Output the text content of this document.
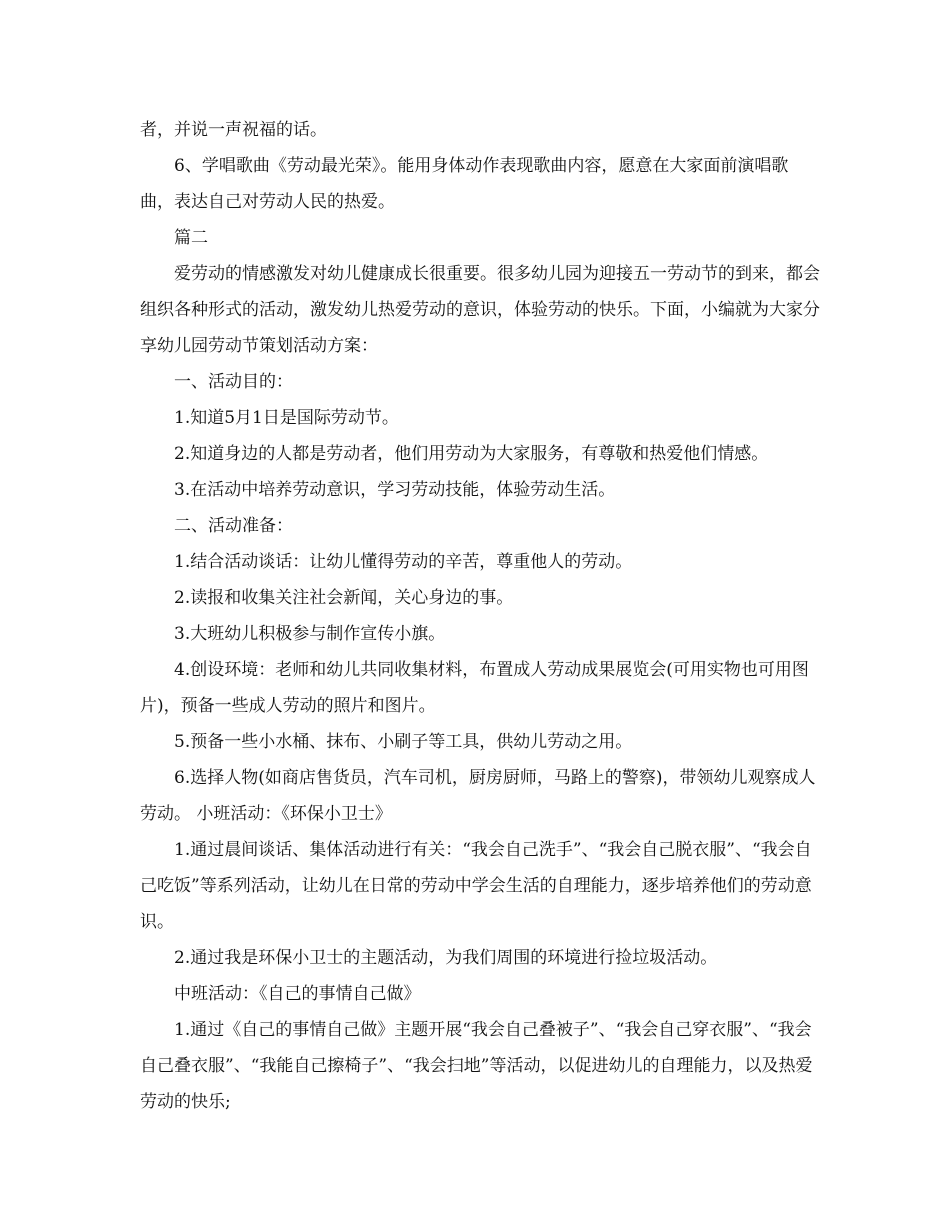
者，并说一声祝福的话。

6、学唱歌曲《劳动最光荣》。能用身体动作表现歌曲内容，愿意在大家面前演唱歌曲，表达自己对劳动人民的热爱。

篇二

爱劳动的情感激发对幼儿健康成长很重要。很多幼儿园为迎接五一劳动节的到来，都会组织各种形式的活动，激发幼儿热爱劳动的意识，体验劳动的快乐。下面，小编就为大家分享幼儿园劳动节策划活动方案：

一、活动目的：

1.知道5月1日是国际劳动节。

2.知道身边的人都是劳动者，他们用劳动为大家服务，有尊敬和热爱他们情感。

3.在活动中培养劳动意识，学习劳动技能，体验劳动生活。

二、活动准备：

1.结合活动谈话：让幼儿懂得劳动的辛苦，尊重他人的劳动。

2.读报和收集关注社会新闻，关心身边的事。

3.大班幼儿积极参与制作宣传小旗。

4.创设环境：老师和幼儿共同收集材料，布置成人劳动成果展览会(可用实物也可用图片)，预备一些成人劳动的照片和图片。

5.预备一些小水桶、抹布、小刷子等工具，供幼儿劳动之用。

6.选择人物(如商店售货员，汽车司机，厨房厨师，马路上的警察)，带领幼儿观察成人劳动。 小班活动：《环保小卫士》

1.通过晨间谈话、集体活动进行有关：“我会自己洗手”、“我会自己脱衣服”、“我会自己吃饭”等系列活动，让幼儿在日常的劳动中学会生活的自理能力，逐步培养他们的劳动意识。

2.通过我是环保小卫士的主题活动，为我们周围的环境进行捡垃圾活动。

中班活动：《自己的事情自己做》

1.通过《自己的事情自己做》主题开展“我会自己叠被子”、“我会自己穿衣服”、“我会自己叠衣服”、“我能自己擦椅子”、“我会扫地”等活动，以促进幼儿的自理能力，以及热爱劳动的快乐;
